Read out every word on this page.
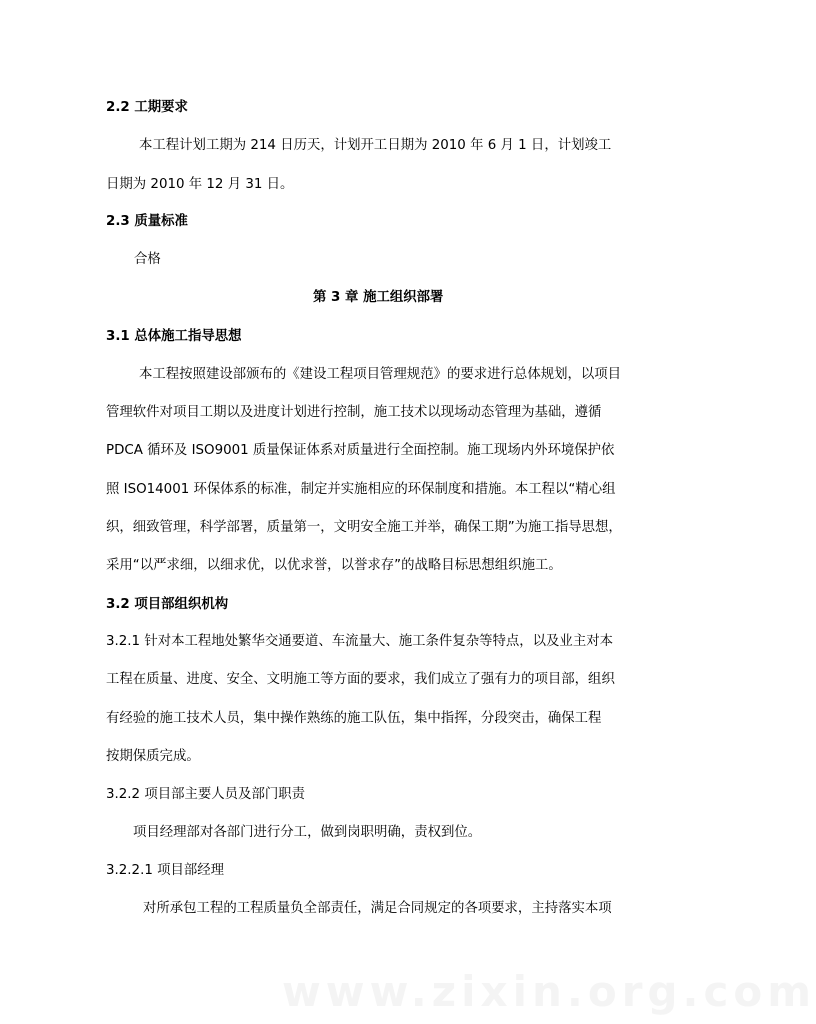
2.2 工期要求
本工程计划工期为 214 日历天，计划开工日期为 2010 年 6 月 1 日，计划竣工
日期为 2010 年 12 月 31 日。
2.3 质量标准
合格
第 3 章 施工组织部署
3.1 总体施工指导思想
本工程按照建设部颁布的《建设工程项目管理规范》的要求进行总体规划，以项目
管理软件对项目工期以及进度计划进行控制，施工技术以现场动态管理为基础，遵循
PDCA 循环及 ISO9001 质量保证体系对质量进行全面控制。施工现场内外环境保护依
照 ISO14001 环保体系的标准，制定并实施相应的环保制度和措施。本工程以“精心组
织，细致管理，科学部署，质量第一，文明安全施工并举，确保工期”为施工指导思想，
采用“以严求细，以细求优，以优求誉，以誉求存”的战略目标思想组织施工。
3.2 项目部组织机构
3.2.1 针对本工程地处繁华交通要道、车流量大、施工条件复杂等特点，以及业主对本
工程在质量、进度、安全、文明施工等方面的要求，我们成立了强有力的项目部，组织
有经验的施工技术人员，集中操作熟练的施工队伍，集中指挥，分段突击，确保工程
按期保质完成。
3.2.2 项目部主要人员及部门职责
项目经理部对各部门进行分工，做到岗职明确，责权到位。
3.2.2.1 项目部经理
对所承包工程的工程质量负全部责任，满足合同规定的各项要求，主持落实本项
www.zixin.org.com
